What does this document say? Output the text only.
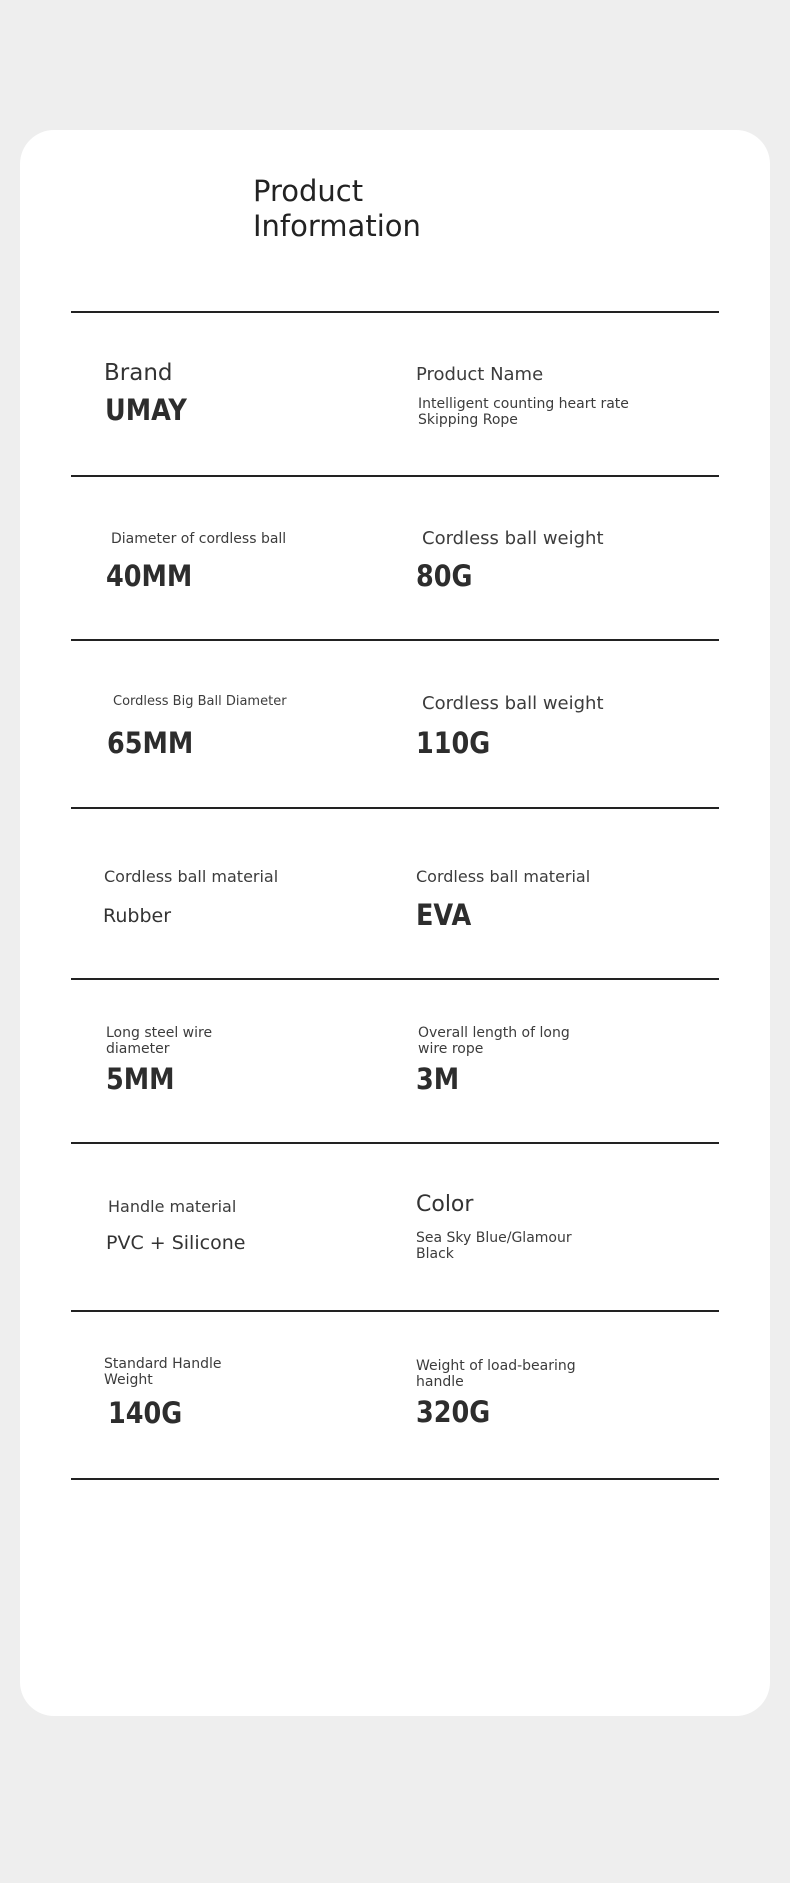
Product
Information
Brand
UMAY
Product Name
Intelligent counting heart rate
Skipping Rope
Diameter of cordless ball
40MM
Cordless ball weight
80G
Cordless Big Ball Diameter
65MM
Cordless ball weight
110G
Cordless ball material
Rubber
Cordless ball material
EVA
Long steel wire
diameter
5MM
Overall length of long
wire rope
3M
Handle material
PVC + Silicone
Color
Sea Sky Blue/Glamour
Black
Standard Handle
Weight
140G
Weight of load-bearing
handle
320G
